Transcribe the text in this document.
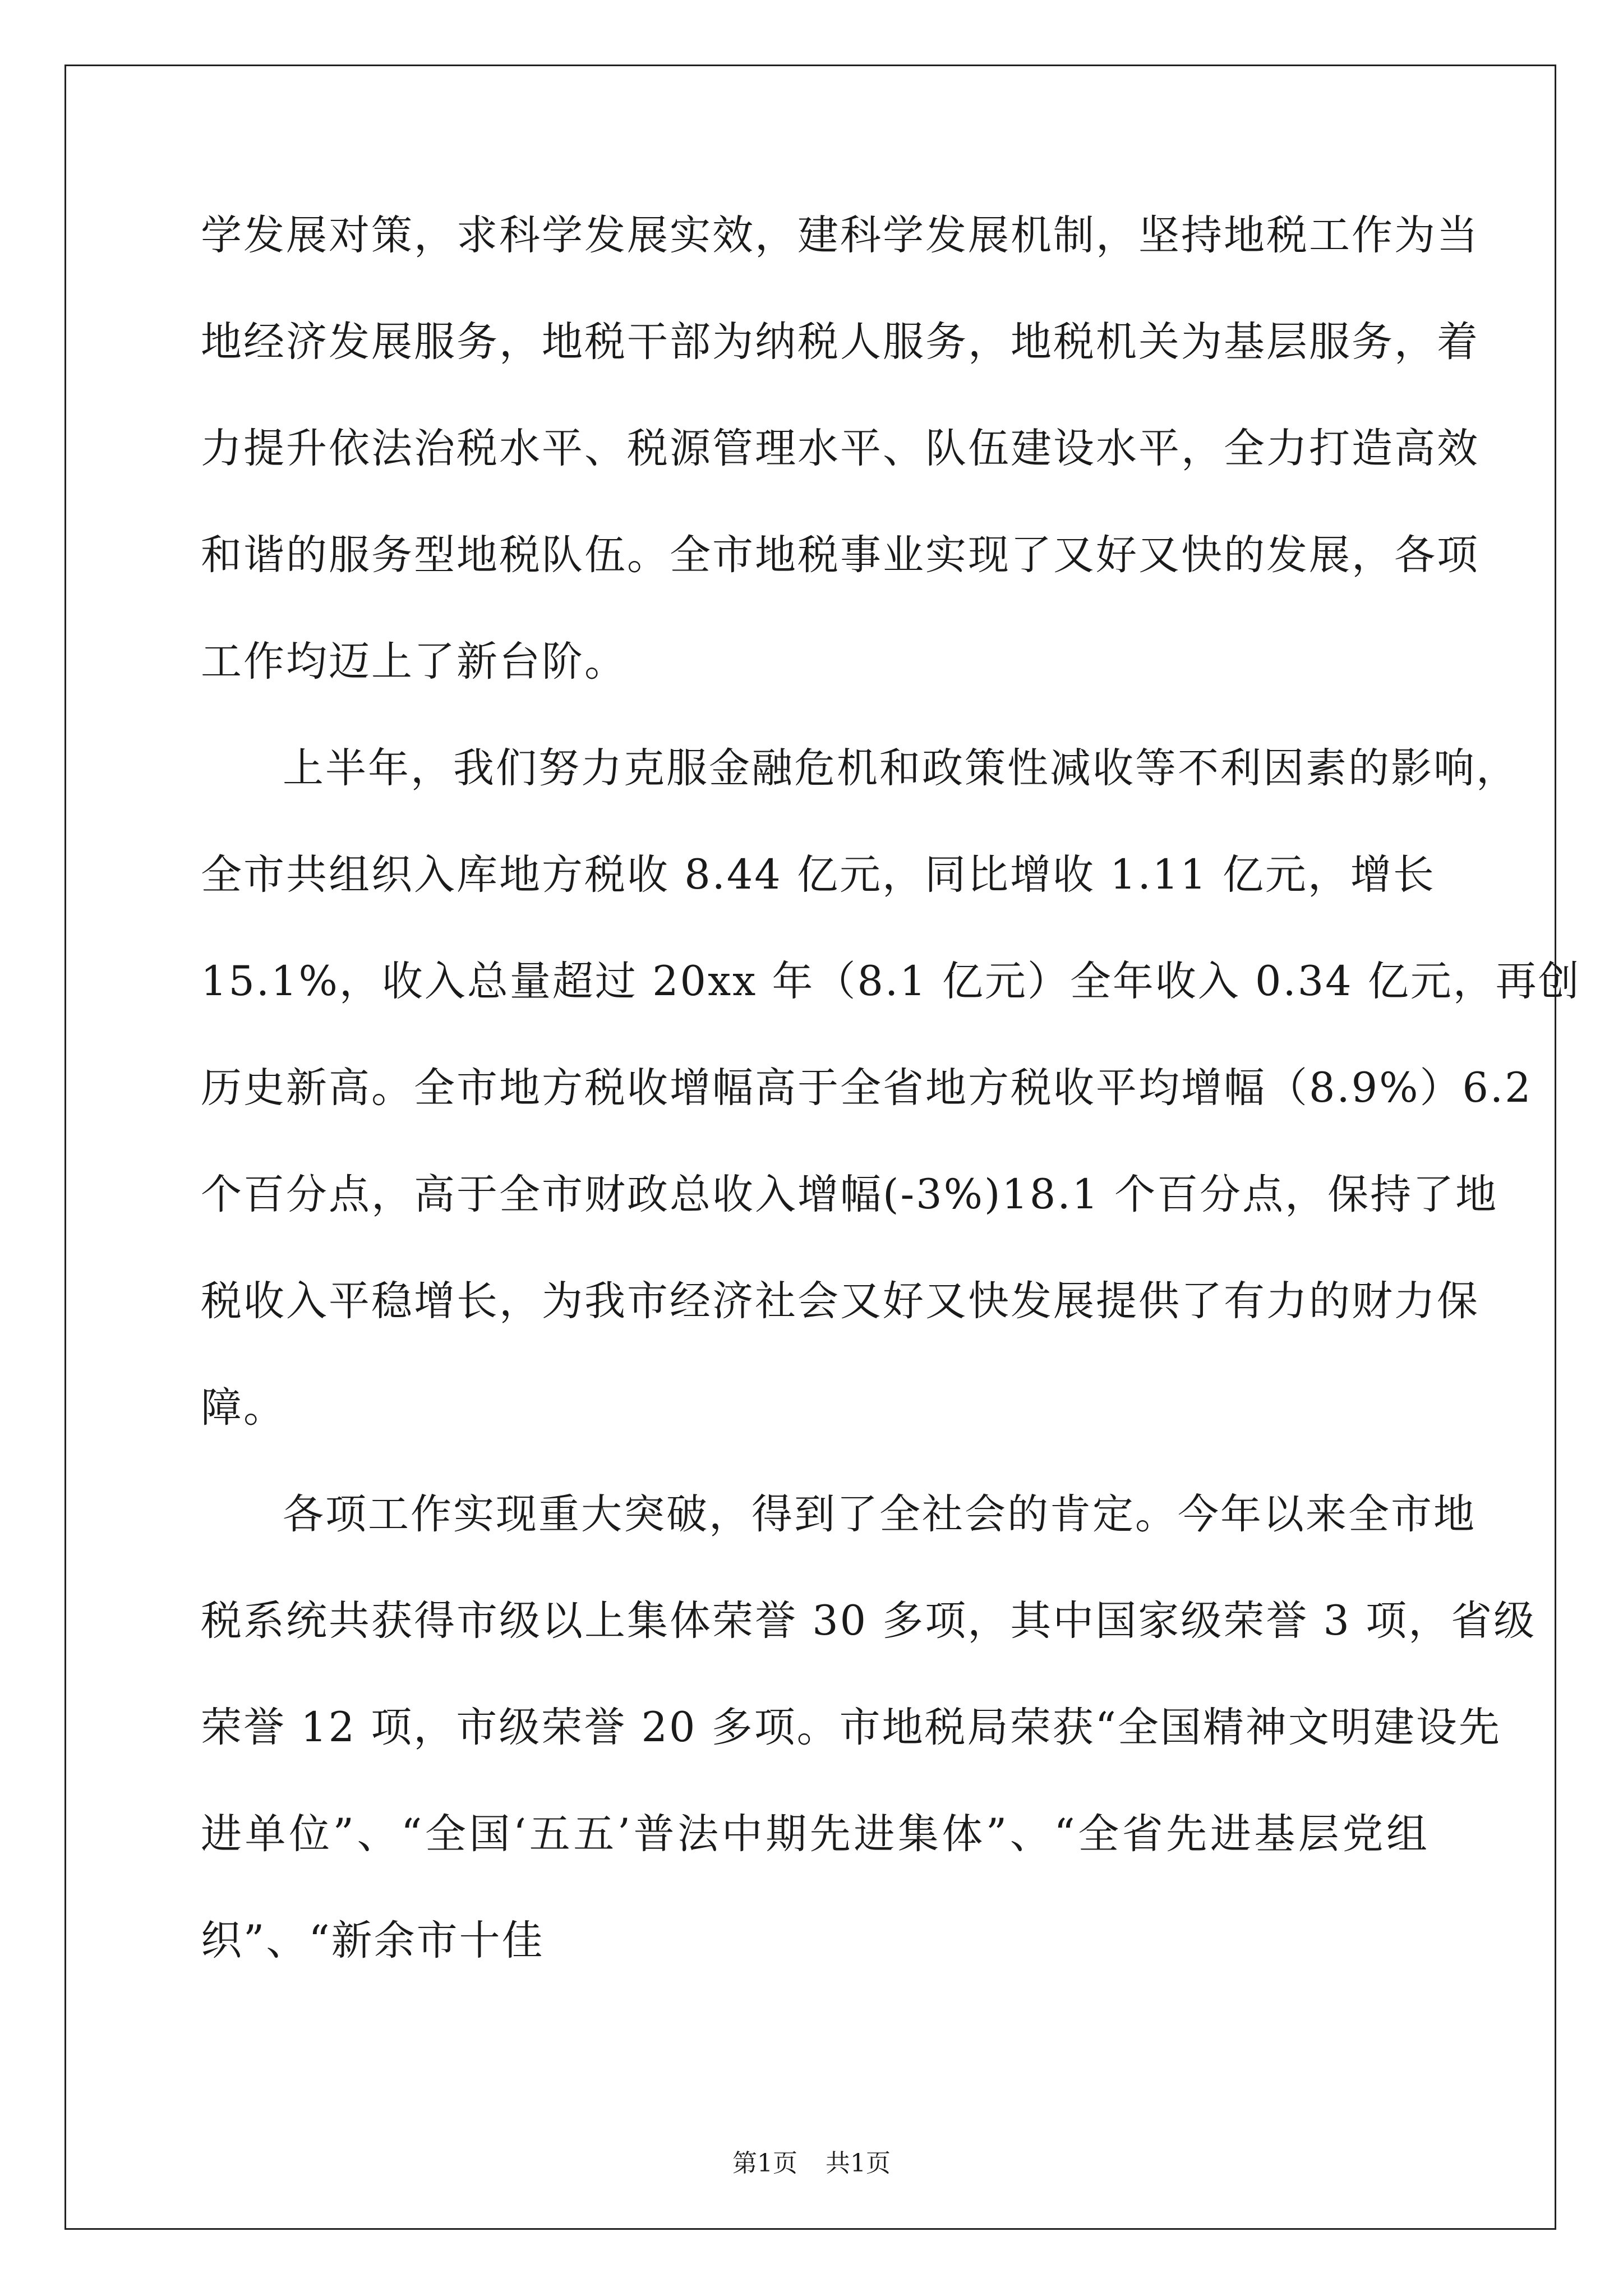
学发展对策，求科学发展实效，建科学发展机制，坚持地税工作为当
地经济发展服务，地税干部为纳税人服务，地税机关为基层服务，着
力提升依法治税水平、税源管理水平、队伍建设水平，全力打造高效
和谐的服务型地税队伍。全市地税事业实现了又好又快的发展，各项
工作均迈上了新台阶。
上半年，我们努力克服金融危机和政策性减收等不利因素的影响，
全市共组织入库地方税收 8.44 亿元，同比增收 1.11 亿元，增长
15.1%，收入总量超过 20xx 年（8.1 亿元）全年收入 0.34 亿元，再创
历史新高。全市地方税收增幅高于全省地方税收平均增幅（8.9%）6.2
个百分点，高于全市财政总收入增幅(-3%)18.1 个百分点，保持了地
税收入平稳增长，为我市经济社会又好又快发展提供了有力的财力保
障。
各项工作实现重大突破，得到了全社会的肯定。今年以来全市地
税系统共获得市级以上集体荣誉 30 多项，其中国家级荣誉 3 项，省级
荣誉 12 项，市级荣誉 20 多项。市地税局荣获“全国精神文明建设先
进单位”、“全国‘五五’普法中期先进集体”、“全省先进基层党组
织”、“新余市十佳
第1页 共1页
